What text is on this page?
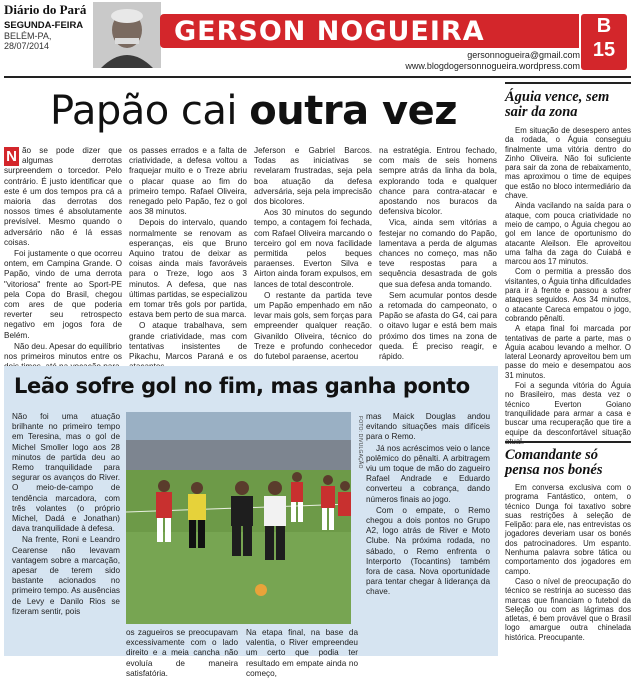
Diário do Pará
SEGUNDA-FEIRA
BELÉM-PA,
28/07/2014	GERSON NOGUEIRA
gersonnogueira@gmail.com
www.blogdogersonnogueira.wordpress.com
B
15
Papão cai outra vez

N ão se pode dizer que algumas derrotas surpreendem o torcedor. Pelo contrário. É justo identificar que este é um dos tempos pra cá a maioria das derrotas dos nossos times é absolutamente previsível. Mesmo quando o adversário não é lá essas coisas.

Foi justamente o que ocorreu ontem, em Campina Grande. O Papão, vindo de uma derrota "vitoriosa" frente ao Sport-PE pela Copa do Brasil, chegou com ares de que poderia reverter seu retrospecto negativo em jogos fora de Belém.

Não deu. Apesar do equilíbrio nos primeiros minutos entre os

os passes errados e a falta de criatividade, a defesa voltou a fraquejar muito e o Treze abriu o placar quase ao fim do primeiro tempo. Rafael Oliveira, renegado pelo Papão, fez o gol aos 38 minutos.

Depois do intervalo, quando normalmente se renovam as esperanças, eis que Bruno Aquino tratou de deixar as coisas ainda mais favoráveis para o Treze, logo aos 3 minutos. A defesa, que nas últimas partidas, se especializou em tomar três gols por partida, estava bem perto de sua marca.

O ataque trabalhava, sem grande criatividade, mas com tentativas insistentes de Pikachu, Marcos Paraná e os

Jeferson e Gabriel Barcos. Todas as iniciativas se revelaram frustradas, seja pela boa atuação da defesa adversária, seja pela imprecisão dos bicolores.

Aos 30 minutos do segundo tempo, a contagem foi fechada, com Rafael Oliveira marcando o terceiro gol em nova facilidade permitida pelos beques paraenses. Everton Silva e Airton ainda foram expulsos, em lances de total descontrole.

O restante da partida teve um Papão empenhado em não levar mais gols, sem forças para empreender qualquer reação. Givanildo Oliveira, técnico do Treze e profundo conhecedor do futebol paraense, acertou

na estratégia. Entrou fechado, com mais de seis homens sempre atrás da linha da bola, explorando toda e qualquer chance para contra-atacar e apostando nos buracos da defensiva bicolor.

Vica, ainda sem vitórias a festejar no comando do Papão, lamentava a perda de algumas chances no começo, mas não teve respostas para a sequência desastrada de gols que sua defesa anda tomando.

Sem acumular pontos desde a retomada do campeonato, o Papão se afasta do G4, cai para o oitavo lugar e está bem mais próximo dos times na zona de queda. É preciso reagir, e rápido.

Leão sofre gol no fim, mas ganha ponto

Não foi uma atuação brilhante no primeiro tempo em Teresina, mas o gol de Michel Smoller logo aos 28 minutos de partida deu ao Remo tranquilidade para segurar os avanços do River. O meio-de-campo de tendência marcadora, com três volantes (o próprio Michel, Dadá e Jonathan) dava tranquilidade à defesa.

Na frente, Roni e Leandro Cearense não levavam vantagem sobre a marcação, apesar de terem sido bastante acionados no primeiro tempo. As ausências de Levy e Danilo Rios se fizeram sentir, pois

FOTO: DIVULGAÇÃO

os zagueiros se preocupavam excessivamente com o lado direito e a meia cancha não evoluía de maneira satisfatória.

Na etapa final, na base da valentia, o River empreendeu um certo que podia ter resultado em empate ainda no começo,

mas Maick Douglas andou evitando situações mais difíceis para o Remo.

Já nos acréscimos veio o lance polêmico do pênalti. A arbitragem viu um toque de mão do zagueiro Rafael Andrade e Eduardo converteu a cobrança, dando números finais ao jogo.

Com o empate, o Remo chegou a dois pontos no Grupo A2, logo atrás de River e Moto Clube. Na próxima rodada, no sábado, o Remo enfrenta o Interporto (Tocantins) também fora de casa. Nova oportunidade para tentar chegar à liderança da chave.

Águia vence, sem sair da zona

Em situação de desespero antes da rodada, o Águia conseguiu finalmente uma vitória dentro do Zinho Oliveira. Não foi suficiente para sair da zona de rebaixamento, mas aproximou o time de equipes que estão no bloco intermediário da chave.

Ainda vacilando na saída para o ataque, com pouca criatividade no meio de campo, o Águia chegou ao gol em lance de oportunismo do atacante Aleilson. Ele aproveitou uma falha da zaga do Cuiabá e marcou aos 17 minutos.

Com o permitia a pressão dos visitantes, o Águia tinha dificuldades para ir à frente e passou a sofrer ataques seguidos. Aos 34 minutos, o atacante Careca empatou o jogo, cobrando pênalti.

A etapa final foi marcada por tentativas de parte a parte, mas o Águia acabou levando a melhor. O lateral Leonardy aproveitou bem um passe do meio e desempatou aos 31 minutos.

Foi a segunda vitória do Águia no Brasileiro, mas desta vez o técnico Everton Goiano tranquilidade para armar a casa e buscar uma recuperação que tire a equipe da desconfortável situação

Comandante só pensa nos bonés

Em conversa exclusiva com o programa Fantástico, ontem, o técnico Dunga foi taxativo sobre suas restrições à seleção de Felipão: para ele, nas entrevistas os jogadores deveriam usar os bonés dos patrocinadores. Um espanto. Nenhuma palavra sobre tática ou comportamento dos jogadores em campo.

Caso o nível de preocupação do técnico se restrinja ao sucesso das marcas que financiam o futebol da Seleção ou com as lágrimas dos atletas, é bem provável que o Brasil logo amargue outra chinelada histórica. Preocupante.
